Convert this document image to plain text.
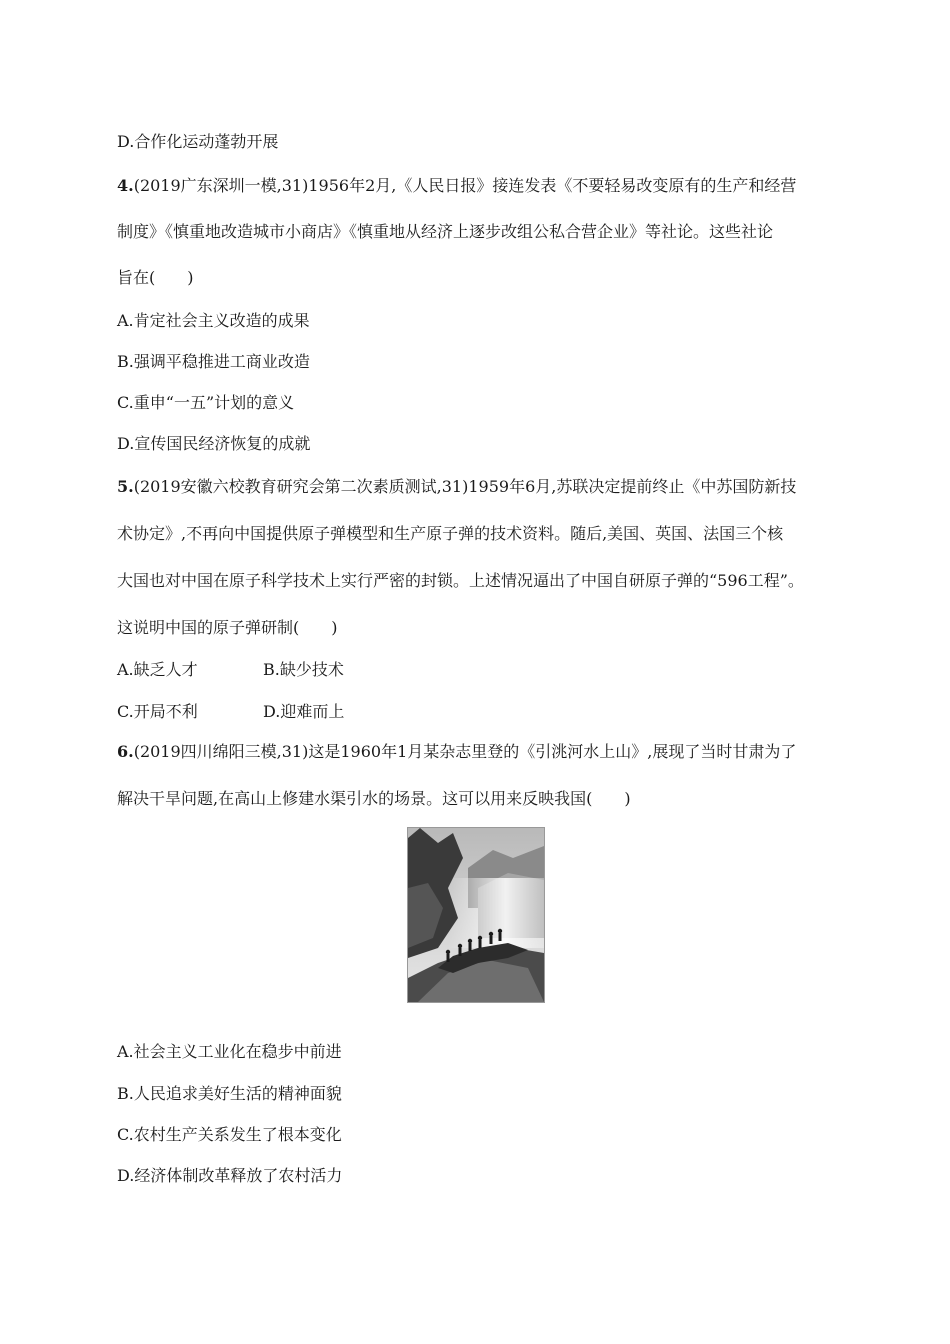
D.合作化运动蓬勃开展
4.(2019广东深圳一模,31)1956年2月,《人民日报》接连发表《不要轻易改变原有的生产和经营
制度》《慎重地改造城市小商店》《慎重地从经济上逐步改组公私合营企业》等社论。这些社论
旨在(　　)
A.肯定社会主义改造的成果
B.强调平稳推进工商业改造
C.重申“一五”计划的意义
D.宣传国民经济恢复的成就
5.(2019安徽六校教育研究会第二次素质测试,31)1959年6月,苏联决定提前终止《中苏国防新技
术协定》,不再向中国提供原子弹模型和生产原子弹的技术资料。随后,美国、英国、法国三个核
大国也对中国在原子科学技术上实行严密的封锁。上述情况逼出了中国自研原子弹的“596工程”。
这说明中国的原子弹研制(　　)
A.缺乏人才	B.缺少技术
C.开局不利	D.迎难而上
6.(2019四川绵阳三模,31)这是1960年1月某杂志里登的《引洮河水上山》,展现了当时甘肃为了
解决干旱问题,在高山上修建水渠引水的场景。这可以用来反映我国(　　)
A.社会主义工业化在稳步中前进
B.人民追求美好生活的精神面貌
C.农村生产关系发生了根本变化
D.经济体制改革释放了农村活力
